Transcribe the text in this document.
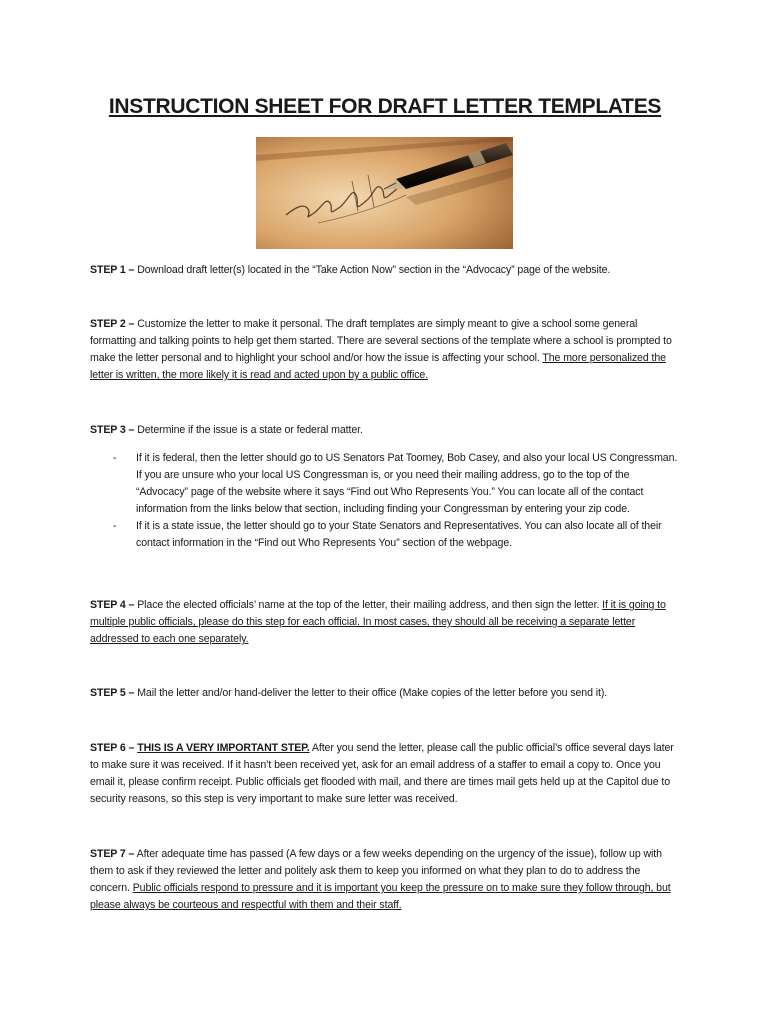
INSTRUCTION SHEET FOR DRAFT LETTER TEMPLATES
STEP 1 – Download draft letter(s) located in the “Take Action Now” section in the “Advocacy” page of the website.
STEP 2 – Customize the letter to make it personal. The draft templates are simply meant to give a school some general formatting and talking points to help get them started. There are several sections of the template where a school is prompted to make the letter personal and to highlight your school and/or how the issue is affecting your school. The more personalized the letter is written, the more likely it is read and acted upon by a public office.
STEP 3 – Determine if the issue is a state or federal matter.
-	If it is federal, then the letter should go to US Senators Pat Toomey, Bob Casey, and also your local US Congressman. If you are unsure who your local US Congressman is, or you need their mailing address, go to the top of the “Advocacy” page of the website where it says “Find out Who Represents You.” You can locate all of the contact information from the links below that section, including finding your Congressman by entering your zip code.
-	If it is a state issue, the letter should go to your State Senators and Representatives. You can also locate all of their contact information in the “Find out Who Represents You” section of the webpage.
STEP 4 – Place the elected officials’ name at the top of the letter, their mailing address, and then sign the letter. If it is going to multiple public officials, please do this step for each official. In most cases, they should all be receiving a separate letter addressed to each one separately.
STEP 5 – Mail the letter and/or hand-deliver the letter to their office (Make copies of the letter before you send it).
STEP 6 – THIS IS A VERY IMPORTANT STEP. After you send the letter, please call the public official’s office several days later to make sure it was received. If it hasn’t been received yet, ask for an email address of a staffer to email a copy to. Once you email it, please confirm receipt. Public officials get flooded with mail, and there are times mail gets held up at the Capitol due to security reasons, so this step is very important to make sure letter was received.
STEP 7 – After adequate time has passed (A few days or a few weeks depending on the urgency of the issue), follow up with them to ask if they reviewed the letter and politely ask them to keep you informed on what they plan to do to address the concern. Public officials respond to pressure and it is important you keep the pressure on to make sure they follow through, but please always be courteous and respectful with them and their staff.
